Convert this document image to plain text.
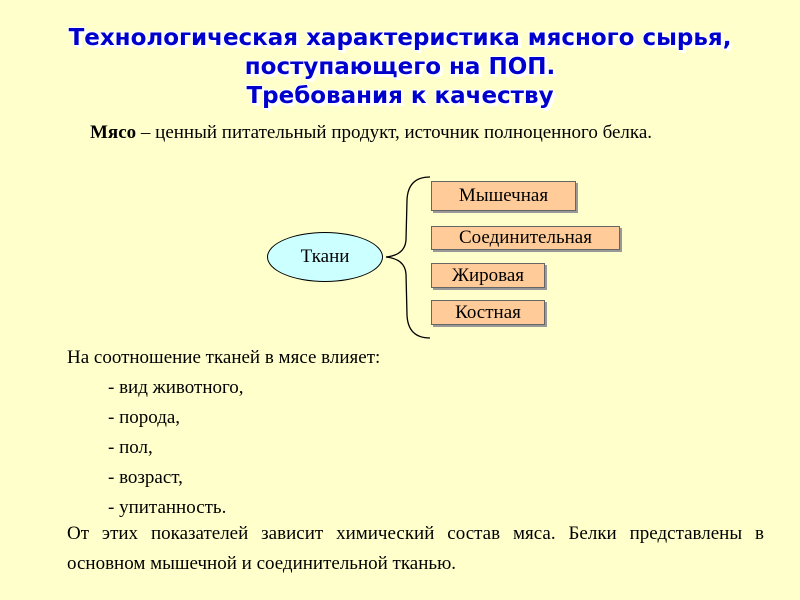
Технологическая характеристика мясного сырья,
поступающего на ПОП.
Требования к качеству
Мясо – ценный питательный продукт, источник полноценного белка.
Ткани
Мышечная
Соединительная
Жировая
Костная
На соотношение тканей в мясе влияет:
- вид животного,
- порода,
- пол,
- возраст,
- упитанность.
От этих показателей зависит химический состав мяса. Белки представлены в основном мышечной и соединительной тканью.
